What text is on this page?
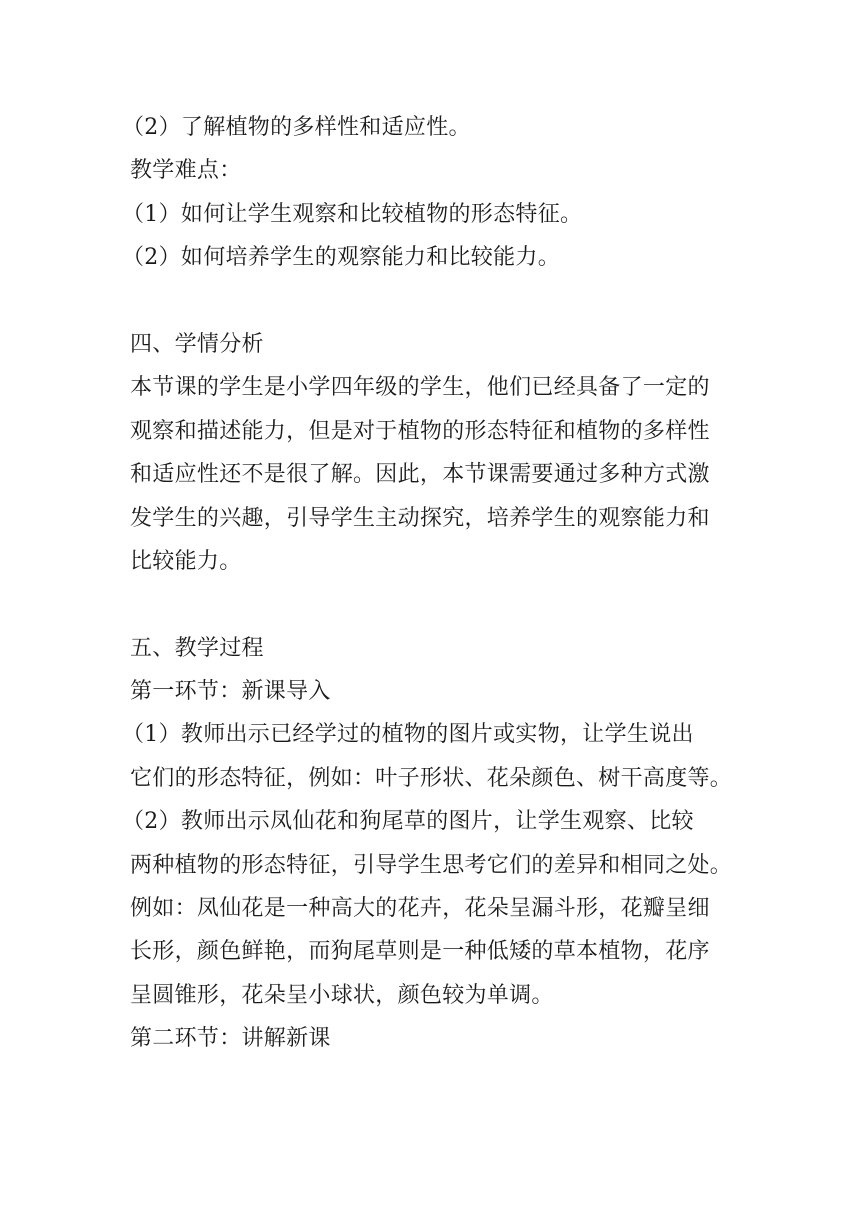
（2）了解植物的多样性和适应性。
教学难点：
（1）如何让学生观察和比较植物的形态特征。
（2）如何培养学生的观察能力和比较能力。
四、学情分析
本节课的学生是小学四年级的学生，他们已经具备了一定的
观察和描述能力，但是对于植物的形态特征和植物的多样性
和适应性还不是很了解。因此，本节课需要通过多种方式激
发学生的兴趣，引导学生主动探究，培养学生的观察能力和
比较能力。
五、教学过程
第一环节：新课导入
（1）教师出示已经学过的植物的图片或实物，让学生说出
它们的形态特征，例如：叶子形状、花朵颜色、树干高度等。
（2）教师出示凤仙花和狗尾草的图片，让学生观察、比较
两种植物的形态特征，引导学生思考它们的差异和相同之处。
例如：凤仙花是一种高大的花卉，花朵呈漏斗形，花瓣呈细
长形，颜色鲜艳，而狗尾草则是一种低矮的草本植物，花序
呈圆锥形，花朵呈小球状，颜色较为单调。
第二环节：讲解新课
